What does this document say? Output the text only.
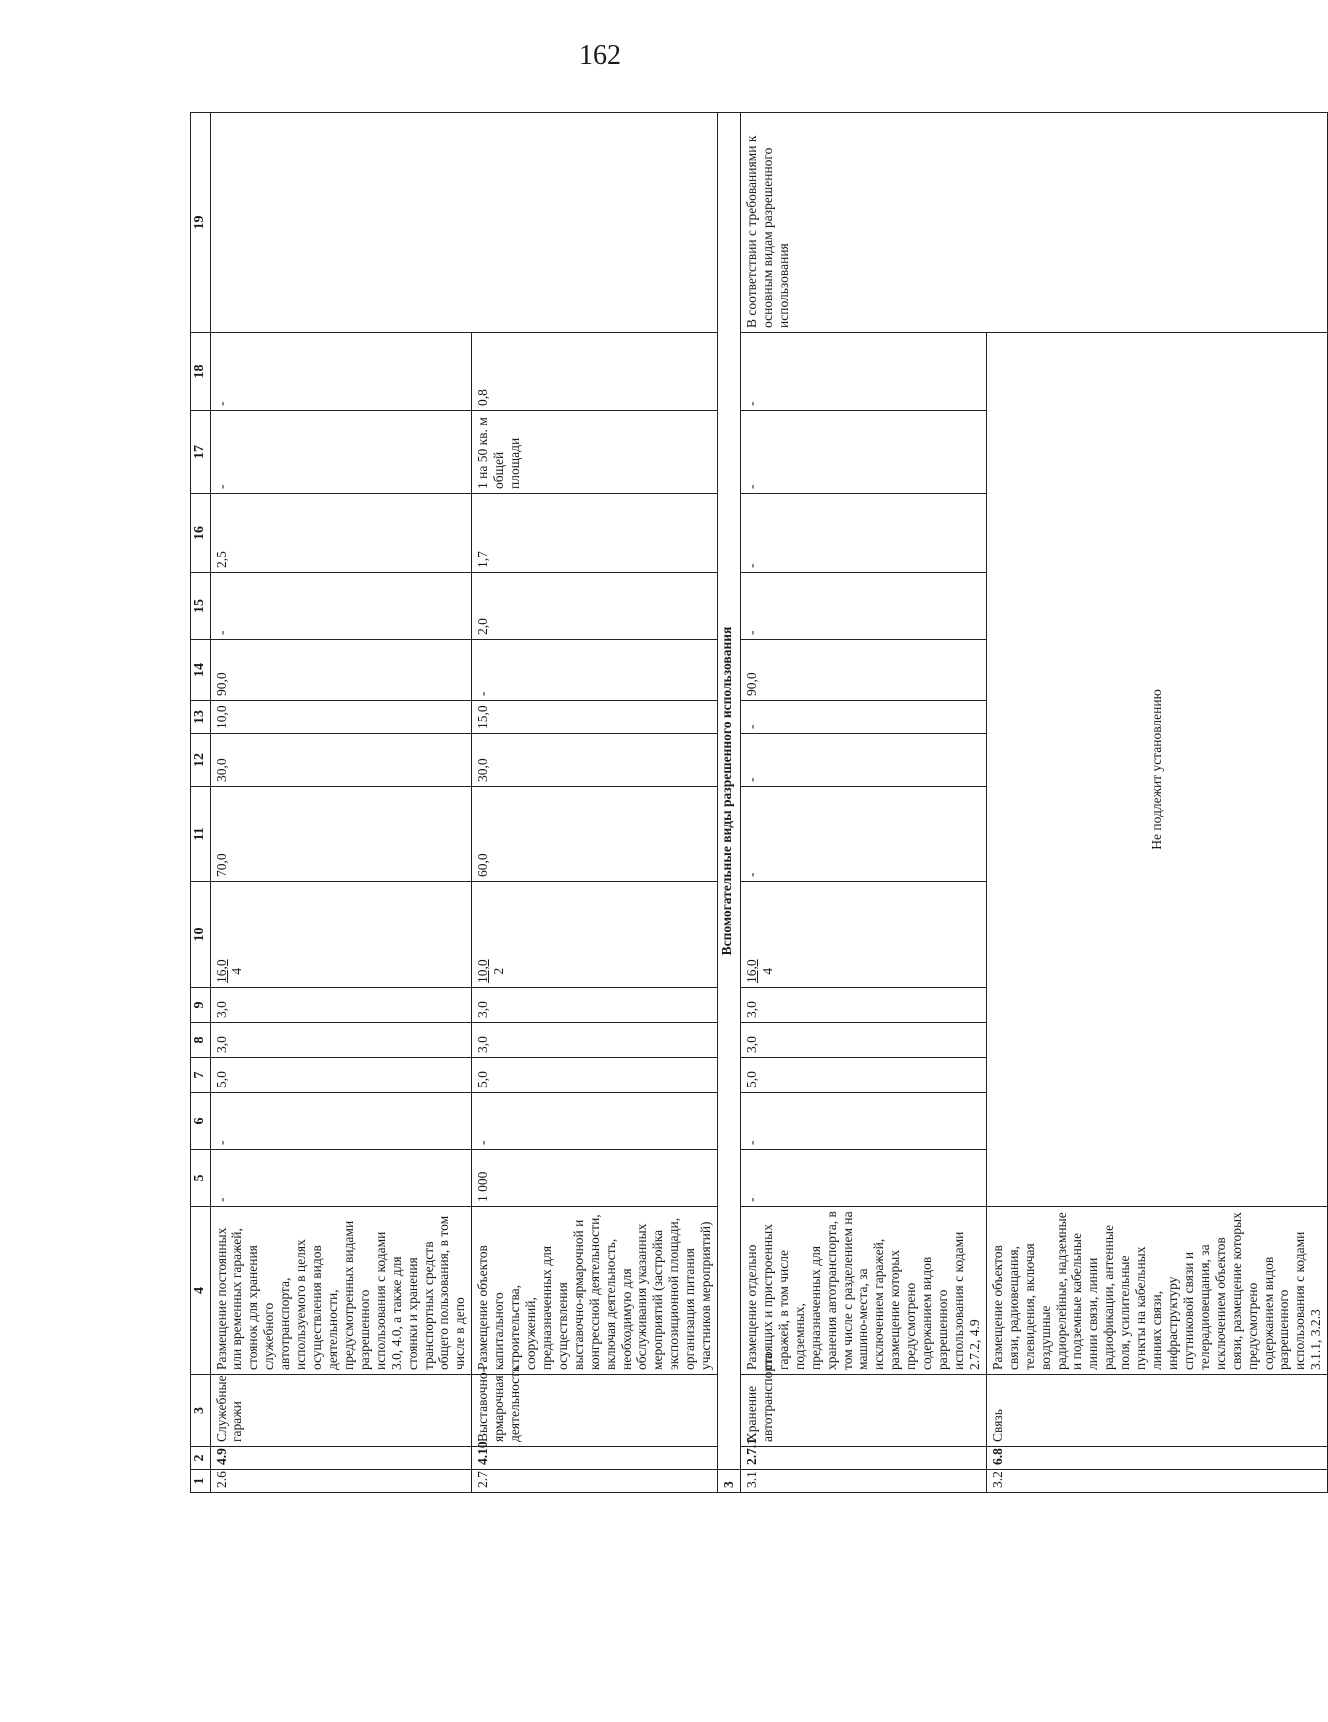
162
1	2	3	4	5	6	7	8	9	10	11	12	13	14	15	16	17	18	19
2.6	4.9	Служебные гаражи	Размещение постоянных или временных гаражей, стоянок для хранения служебного автотранспорта, используемого в целях осуществления видов деятельности, предусмотренных видами разрешенного использования с кодами 3.0, 4.0, а также для стоянки и хранения транспортных средств общего пользования, в том числе в депо	-	-	5,0	3,0	3,0	16,0 4	70,0	30,0	10,0	90,0	-	2,5	-	-	
2.7	4.10	Выставочно-ярмарочная деятельность	Размещение объектов капитального строительства, сооружений, предназначенных для осуществления выставочно-ярмарочной и конгрессной деятельности, включая деятельность, необходимую для обслуживания указанных мероприятий (застройка экспозиционной площади, организация питания участников мероприятий)	1 000	-	5,0	3,0	3,0	10,0 2	60,0	30,0	15,0	-	2,0	1,7	1 на 50 кв. м общей площади	0,8	
3	Вспомогательные виды разрешенного использования																	
3.1	2.7.1	Хранение автотранспорта	Размещение отдельно стоящих и пристроенных гаражей, в том числе подземных, предназначенных для хранения автотранспорта, в том числе с разделением на машино-места, за исключением гаражей, размещение которых предусмотрено содержанием видов разрешенного использования с кодами 2.7.2, 4.9	-	-	5,0	3,0	3,0	16,0 4	-	-	-	90,0	-	-	-	-	В соответствии с требованиями к основным видам разрешенного использования
3.2	6.8	Связь	Размещение объектов связи, радиовещания, телевидения, включая воздушные радиорелейные, надземные и подземные кабельные линии связи, линии радиофикации, антенные поля, усилительные пункты на кабельных линиях связи, инфраструктуру спутниковой связи и телерадиовещания, за исключением объектов связи, размещение которых предусмотрено содержанием видов разрешенного использования с кодами 3.1.1, 3.2.3	Не подлежит установлению														
